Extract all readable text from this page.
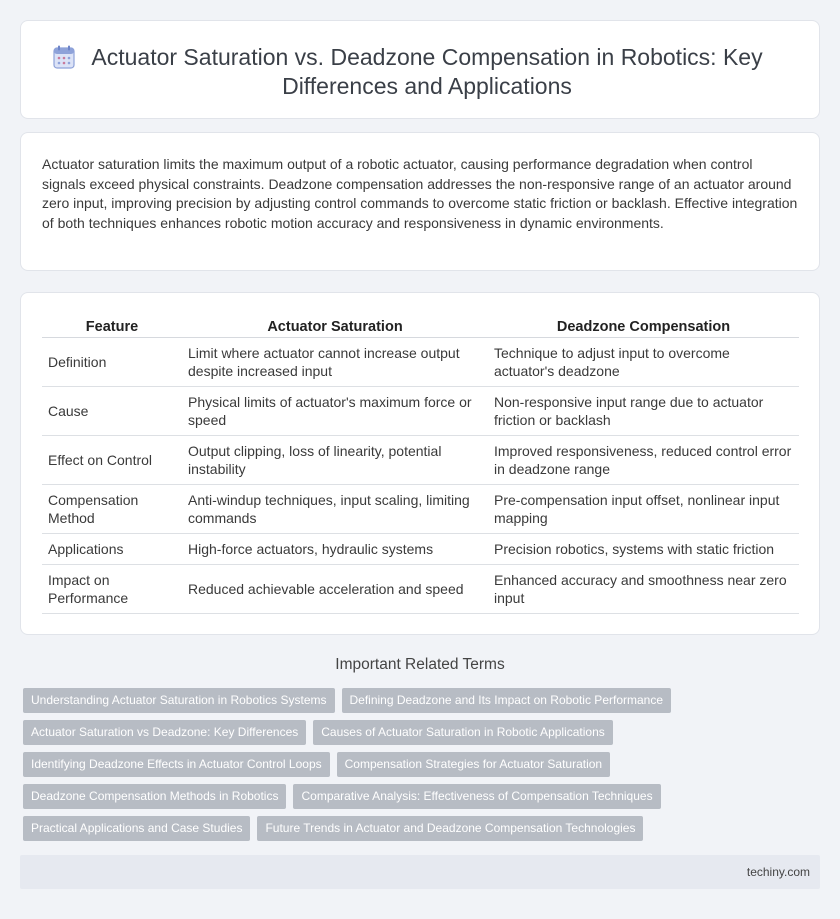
Actuator Saturation vs. Deadzone Compensation in Robotics: Key Differences and Applications

Actuator saturation limits the maximum output of a robotic actuator, causing performance degradation when control signals exceed physical constraints. Deadzone compensation addresses the non-responsive range of an actuator around zero input, improving precision by adjusting control commands to overcome static friction or backlash. Effective integration of both techniques enhances robotic motion accuracy and responsiveness in dynamic environments.

Feature	Actuator Saturation	Deadzone Compensation
Definition	Limit where actuator cannot increase output despite increased input	Technique to adjust input to overcome actuator's deadzone
Cause	Physical limits of actuator's maximum force or speed	Non-responsive input range due to actuator friction or backlash
Effect on Control	Output clipping, loss of linearity, potential instability	Improved responsiveness, reduced control error in deadzone range
Compensation Method	Anti-windup techniques, input scaling, limiting commands	Pre-compensation input offset, nonlinear input mapping
Applications	High-force actuators, hydraulic systems	Precision robotics, systems with static friction
Impact on Performance	Reduced achievable acceleration and speed	Enhanced accuracy and smoothness near zero input
Important Related Terms
Understanding Actuator Saturation in Robotics Systems	Defining Deadzone and Its Impact on Robotic Performance
Actuator Saturation vs Deadzone: Key Differences	Causes of Actuator Saturation in Robotic Applications
Identifying Deadzone Effects in Actuator Control Loops	Compensation Strategies for Actuator Saturation
Deadzone Compensation Methods in Robotics	Comparative Analysis: Effectiveness of Compensation Techniques
Practical Applications and Case Studies	Future Trends in Actuator and Deadzone Compensation Technologies
techiny.com
